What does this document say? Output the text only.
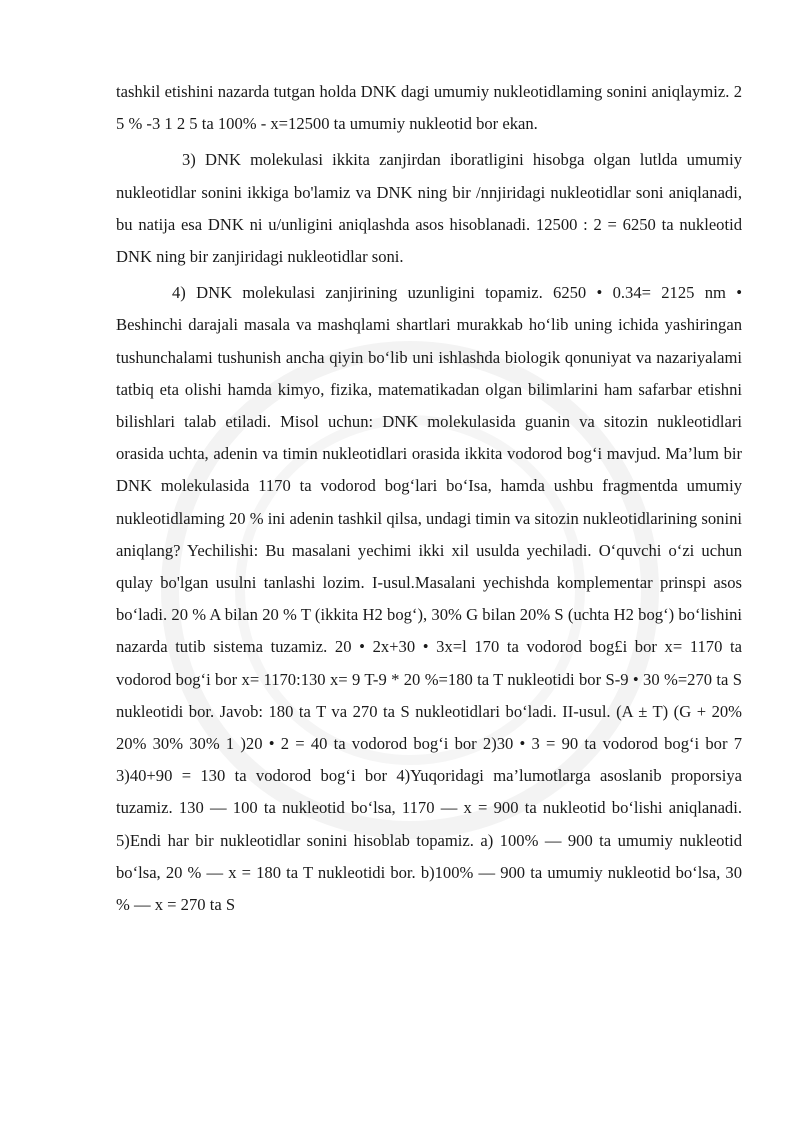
tashkil etishini nazarda tutgan holda DNK dagi umumiy nukleotidlaming sonini aniqlaymiz. 2 5 % -3 1 2 5 ta 100% - x=12500 ta umumiy nukleotid bor ekan.

3) DNK molekulasi ikkita zanjirdan iboratligini hisobga olgan lutlda umumiy nukleotidlar sonini ikkiga bo'lamiz va DNK ning bir /nnjiridagi nukleotidlar soni aniqlanadi, bu natija esa DNK ni u/unligini aniqlashda asos hisoblanadi. 12500 : 2 = 6250 ta nukleotid DNK ning bir zanjiridagi nukleotidlar soni.

4) DNK molekulasi zanjirining uzunligini topamiz. 6250 • 0.34= 2125 nm • Beshinchi darajali masala va mashqlami shartlari murakkab ho‘lib uning ichida yashiringan tushunchalami tushunish ancha qiyin bo‘lib uni ishlashda biologik qonuniyat va nazariyalami tatbiq eta olishi hamda kimyo, fizika, matematikadan olgan bilimlarini ham safarbar etishni bilishlari talab etiladi. Misol uchun: DNK molekulasida guanin va sitozin nukleotidlari orasida uchta, adenin va timin nukleotidlari orasida ikkita vodorod bog‘i mavjud. Ma’lum bir DNK molekulasida 1170 ta vodorod bog‘lari bo‘Isa, hamda ushbu fragmentda umumiy nukleotidlaming 20 % ini adenin tashkil qilsa, undagi timin va sitozin nukleotidlarining sonini aniqlang? Yechilishi: Bu masalani yechimi ikki xil usulda yechiladi. O‘quvchi o‘zi uchun qulay bo'lgan usulni tanlashi lozim. I-usul.Masalani yechishda komplementar prinspi asos bo‘ladi. 20 % A bilan 20 % T (ikkita H2 bog‘), 30% G bilan 20% S (uchta H2 bog‘) bo‘lishini nazarda tutib sistema tuzamiz. 20 • 2x+30 • 3x=l 170 ta vodorod bog£i bor x= 1170 ta vodorod bog‘i bor x= 1170:130 x= 9 T-9 * 20 %=180 ta T nukleotidi bor S-9 • 30 %=270 ta S nukleotidi bor. Javob: 180 ta T va 270 ta S nukleotidlari bo‘ladi. II-usul. (A ± T) (G + 20% 20% 30% 30% 1 )20 • 2 = 40 ta vodorod bog‘i bor 2)30 • 3 = 90 ta vodorod bog‘i bor 7 3)40+90 = 130 ta vodorod bog‘i bor 4)Yuqoridagi ma’lumotlarga asoslanib proporsiya tuzamiz. 130 — 100 ta nukleotid bo‘lsa, 1170 — x = 900 ta nukleotid bo‘lishi aniqlanadi. 5)Endi har bir nukleotidlar sonini hisoblab topamiz. a) 100% — 900 ta umumiy nukleotid bo‘lsa, 20 % — x = 180 ta T nukleotidi bor. b)100% — 900 ta umumiy nukleotid bo‘lsa, 30 % — x = 270 ta S
